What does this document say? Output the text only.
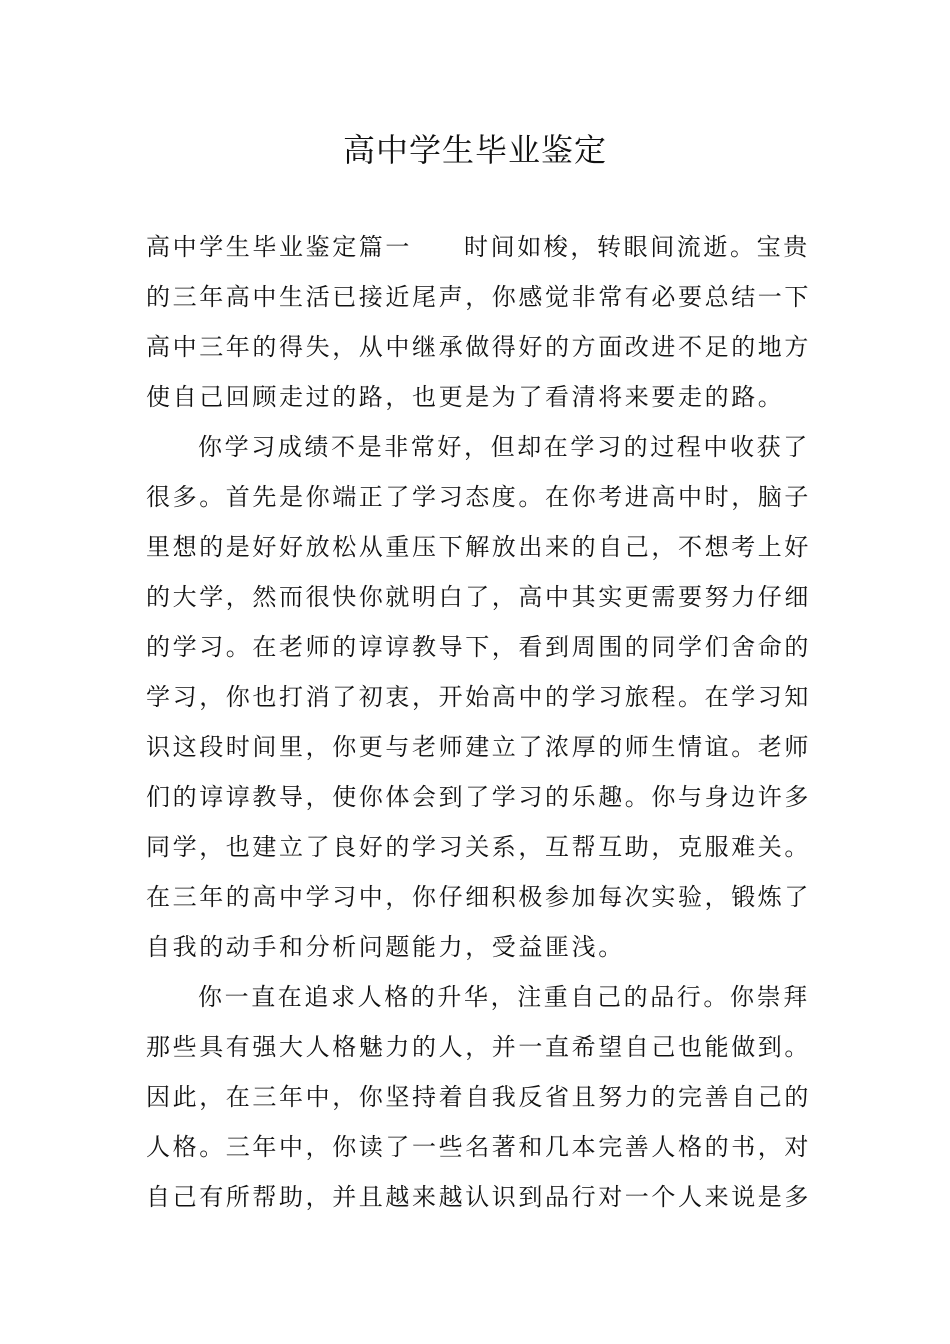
高中学生毕业鉴定

高中学生毕业鉴定篇一 时间如梭，转眼间流逝。宝贵

的三年高中生活已接近尾声，你感觉非常有必要总结一下

高中三年的得失，从中继承做得好的方面改进不足的地方

使自己回顾走过的路，也更是为了看清将来要走的路。

你学习成绩不是非常好，但却在学习的过程中收获了

很多。首先是你端正了学习态度。在你考进高中时，脑子

里想的是好好放松从重压下解放出来的自己，不想考上好

的大学，然而很快你就明白了，高中其实更需要努力仔细

的学习。在老师的谆谆教导下，看到周围的同学们舍命的

学习，你也打消了初衷，开始高中的学习旅程。在学习知

识这段时间里，你更与老师建立了浓厚的师生情谊。老师

们的谆谆教导，使你体会到了学习的乐趣。你与身边许多

同学，也建立了良好的学习关系，互帮互助，克服难关。

在三年的高中学习中，你仔细积极参加每次实验，锻炼了

自我的动手和分析问题能力，受益匪浅。

你一直在追求人格的升华，注重自己的品行。你崇拜

那些具有强大人格魅力的人，并一直希望自己也能做到。

因此，在三年中，你坚持着自我反省且努力的完善自己的

人格。三年中，你读了一些名著和几本完善人格的书，对

自己有所帮助，并且越来越认识到品行对一个人来说是多
